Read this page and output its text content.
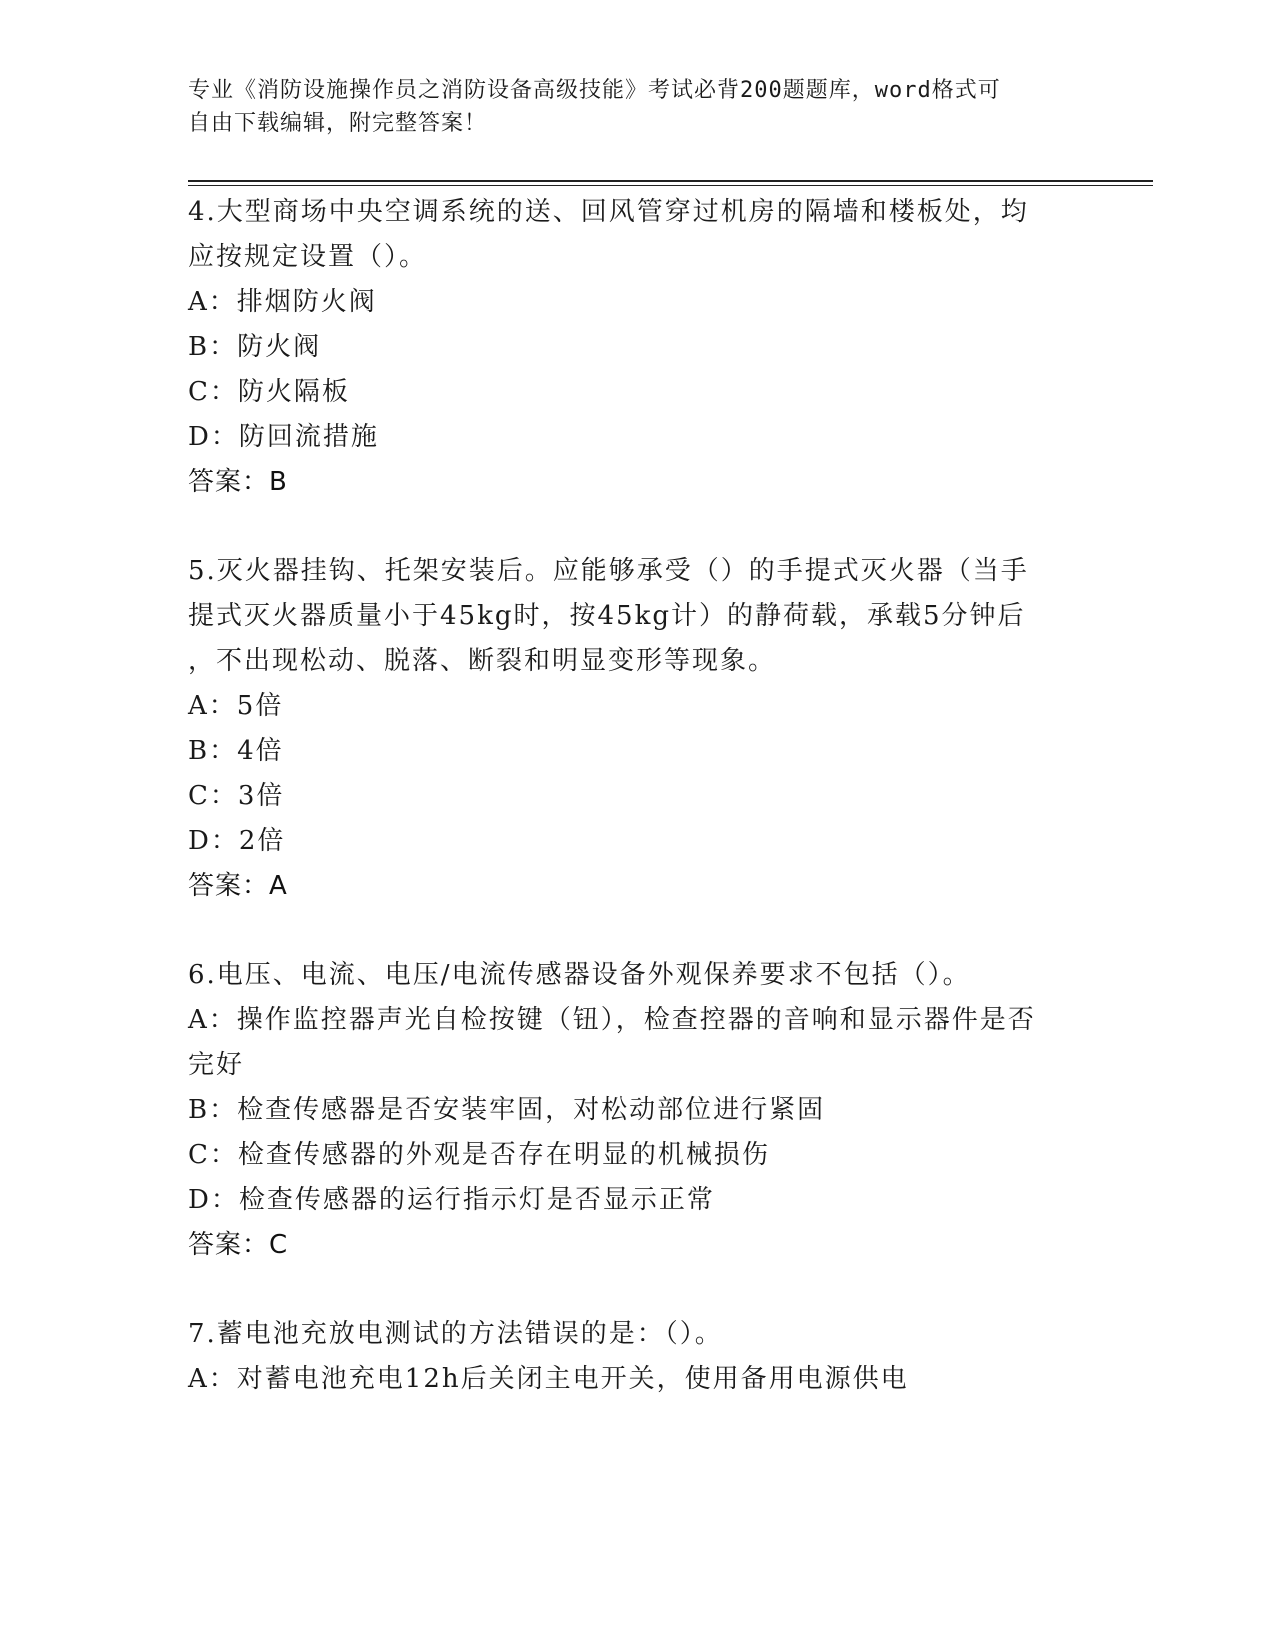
专业《消防设施操作员之消防设备高级技能》考试必背200题题库，word格式可
自由下载编辑，附完整答案！

4.大型商场中央空调系统的送、回风管穿过机房的隔墙和楼板处，均

应按规定设置（）。

A：排烟防火阀

B：防火阀

C：防火隔板

D：防回流措施

答案：B

5.灭火器挂钩、托架安装后。应能够承受（）的手提式灭火器（当手

提式灭火器质量小于45kg时，按45kg计）的静荷载，承载5分钟后

，不出现松动、脱落、断裂和明显变形等现象。

A：5倍

B：4倍

C：3倍

D：2倍

答案：A

6.电压、电流、电压/电流传感器设备外观保养要求不包括（）。

A：操作监控器声光自检按键（钮），检查控器的音响和显示器件是否

完好

B：检查传感器是否安装牢固，对松动部位进行紧固

C：检查传感器的外观是否存在明显的机械损伤

D：检查传感器的运行指示灯是否显示正常

答案：C

7.蓄电池充放电测试的方法错误的是：（）。

A：对蓄电池充电12h后关闭主电开关，使用备用电源供电
